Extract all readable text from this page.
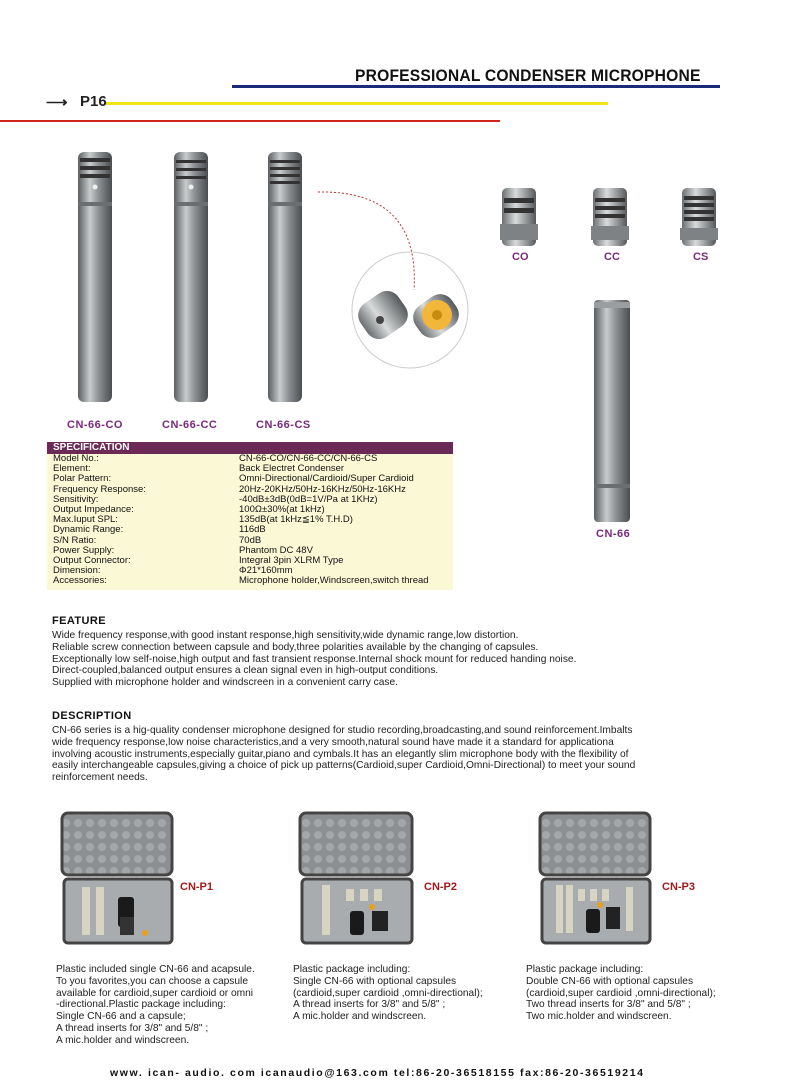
PROFESSIONAL CONDENSER MICROPHONE
⟶ P16
CN-66-CO	CN-66-CC	CN-66-CS
CO	CC	CS
CN-66
SPECIFICATION
Model No.:	CN-66-CO/CN-66-CC/CN-66-CS
Element:	Back Electret Condenser
Polar Pattern:	Omni-Directional/Cardioid/Super Cardioid
Frequency Response:	20Hz-20KHz/50Hz-16KHz/50Hz-16KHz
Sensitivity:	-40dB±3dB(0dB=1V/Pa at 1KHz)
Output Impedance:	100Ω±30%(at 1kHz)
Max.Iuput SPL:	135dB(at 1kHz≦1% T.H.D)
Dynamic Range:	116dB
S/N Ratio:	70dB
Power Supply:	Phantom DC 48V
Output Connector:	Integral 3pin XLRM Type
Dimension:	Φ21*160mm
Accessories:	Microphone holder,Windscreen,switch thread
FEATURE
Wide frequency response,with good instant response,high sensitivity,wide dynamic range,low distortion.
Reliable screw connection between capsule and body,three polarities available by the changing of capsules.
Exceptionally low self-noise,high output and fast transient response.Internal shock mount for reduced handing noise.
Direct-coupled,balanced output ensures a clean signal even in high-output conditions.
Supplied with microphone holder and windscreen in a convenient carry case.
DESCRIPTION
CN-66 series is a hig-quality condenser microphone designed for studio recording,broadcasting,and sound reinforcement.Imbalts
wide frequency response,low noise characteristics,and a very smooth,natural sound have made it a standard for applicationa
involving acoustic instruments,especially guitar,piano and cymbals.It has an elegantly slim microphone body with the flexibility of
easily interchangeable capsules,giving a choice of pick up patterns(Cardioid,super Cardioid,Omni-Directional) to meet your sound
reinforcement needs.
CN-P1	CN-P2	CN-P3
Plastic included single CN-66 and acapsule.
To you favorites,you can choose a capsule
available for cardioid,super cardioid or omni
-directional.Plastic package including:
Single CN-66 and a capsule;
A thread inserts for 3/8" and 5/8" ;
A mic.holder and windscreen.
Plastic package including:
Single CN-66 with optional capsules
(cardioid,super cardioid ,omni-directional);
A thread inserts for 3/8" and 5/8" ;
A mic.holder and windscreen.
Plastic package including:
Double CN-66 with optional capsules
(cardioid,super cardioid ,omni-directional);
Two thread inserts for 3/8" and 5/8" ;
Two mic.holder and windscreen.
www. ican- audio. com icanaudio@163.com tel:86-20-36518155 fax:86-20-36519214
